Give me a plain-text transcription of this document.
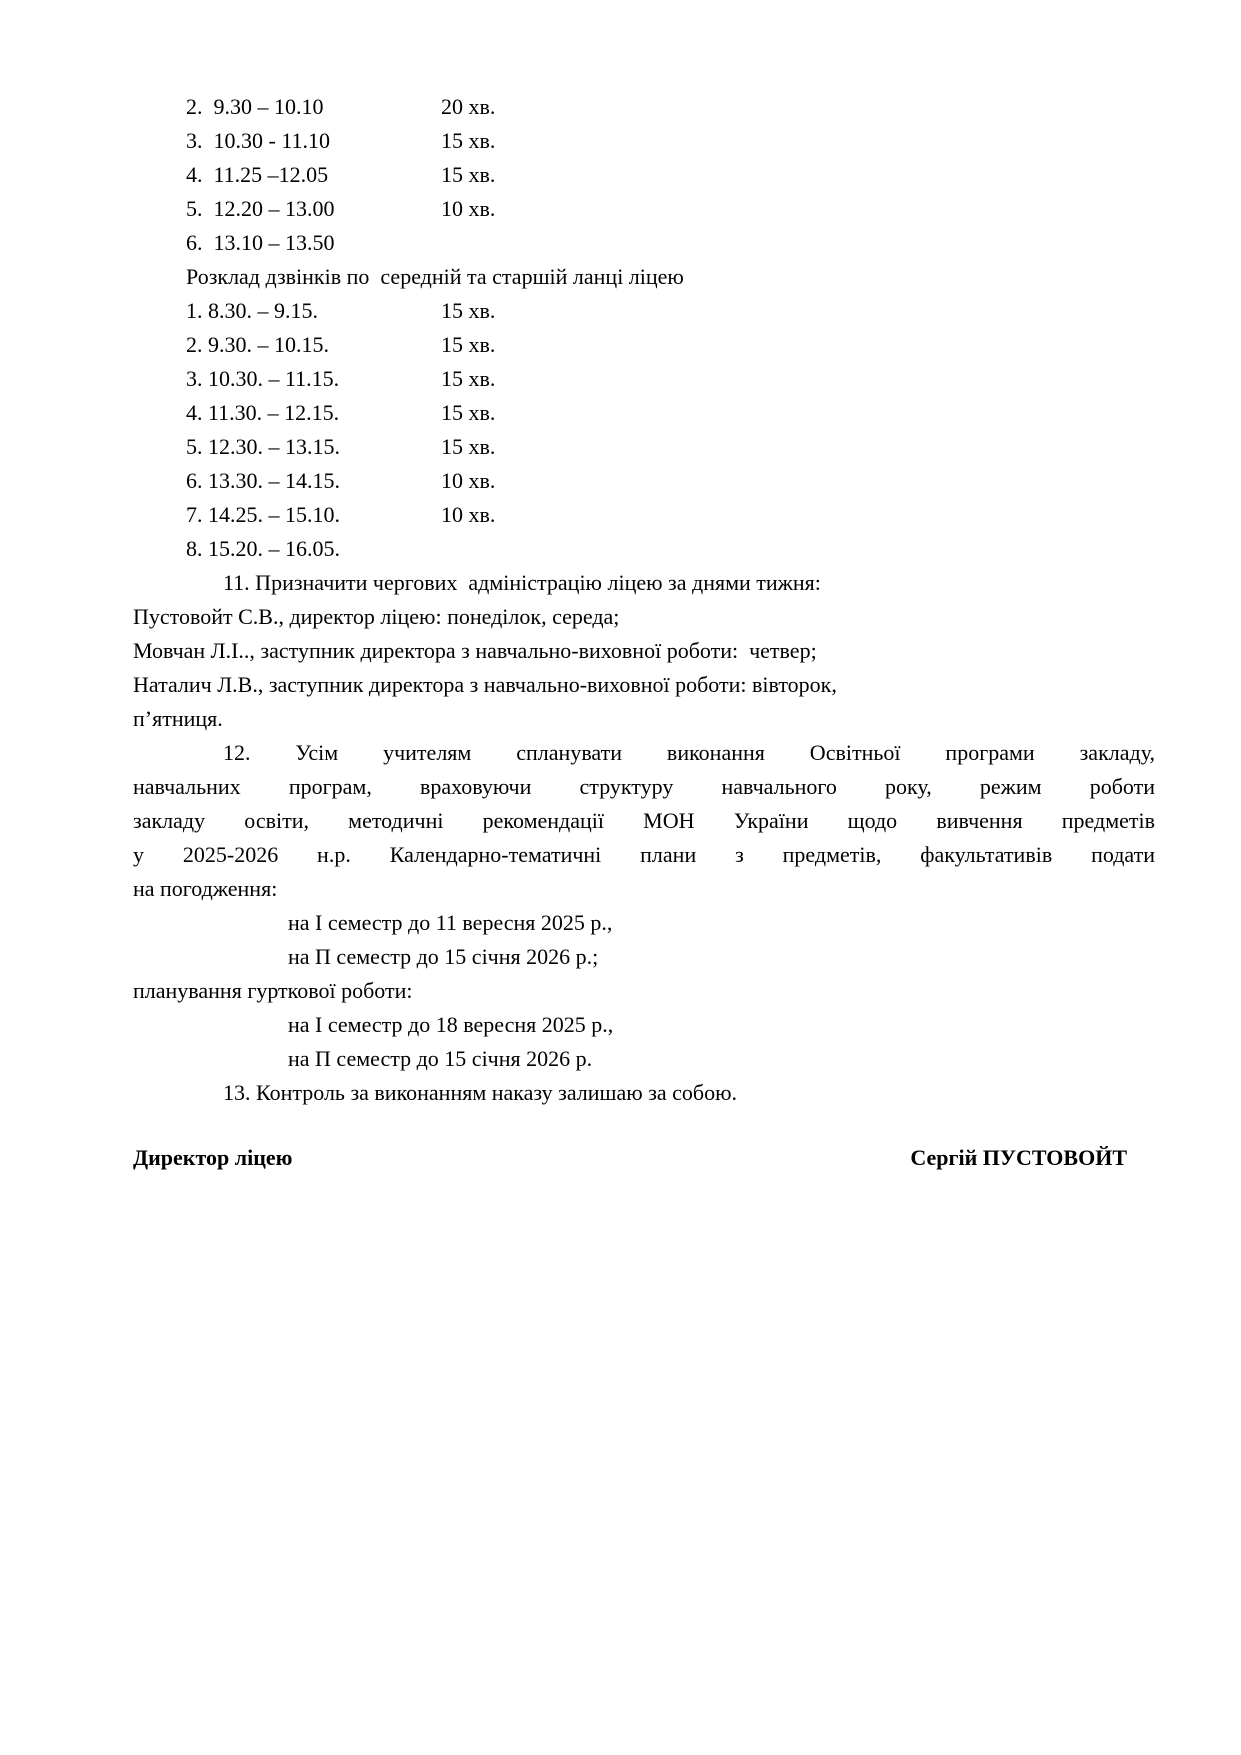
2.  9.30 – 10.10	20 хв.
3.  10.30 - 11.10	15 хв.
4.  11.25 –12.05	15 хв.
5.  12.20 – 13.00	10 хв.
6.  13.10 – 13.50
Розклад дзвінків по  середній та старшій ланці ліцею
1. 8.30. – 9.15.	15 хв.
2. 9.30. – 10.15.	15 хв.
3. 10.30. – 11.15.	15 хв.
4. 11.30. – 12.15.	15 хв.
5. 12.30. – 13.15.	15 хв.
6. 13.30. – 14.15.	10 хв.
7. 14.25. – 15.10.	10 хв.
8. 15.20. – 16.05.
11. Призначити чергових  адміністрацію ліцею за днями тижня:
Пустовойт С.В., директор ліцею: понеділок, середа;
Мовчан Л.І.., заступник директора з навчально-виховної роботи:  четвер;
Наталич Л.В., заступник директора з навчально-виховної роботи: вівторок,
п’ятниця.
12. Усім учителям спланувати виконання Освітньої програми закладу,
навчальних програм, враховуючи структуру навчального року, режим роботи
закладу освіти, методичні рекомендації МОН України щодо вивчення предметів
у 2025-2026 н.р. Календарно-тематичні плани з предметів, факультативів подати
на погодження:
на І семестр до 11 вересня 2025 р.,
на П семестр до 15 січня 2026 р.;
планування гурткової роботи:
на І семестр до 18 вересня 2025 р.,
на П семестр до 15 січня 2026 р.
13. Контроль за виконанням наказу залишаю за собою.
Директор ліцею	Сергій ПУСТОВОЙТ
